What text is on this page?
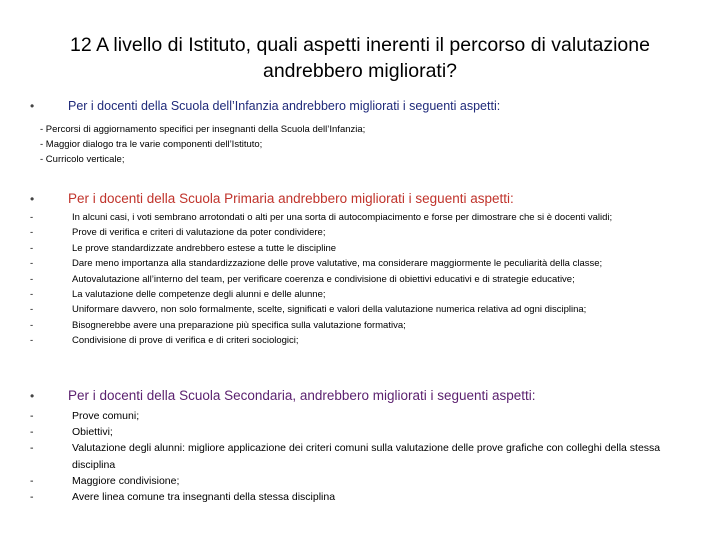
12 A livello di Istituto, quali aspetti inerenti il percorso di valutazione andrebbero migliorati?
•	Per i docenti della Scuola dell’Infanzia andrebbero migliorati i seguenti aspetti:
- Percorsi di aggiornamento specifici per insegnanti della Scuola dell’Infanzia;
- Maggior dialogo tra le varie componenti dell’Istituto;
- Curricolo verticale;
•	Per i docenti della Scuola Primaria andrebbero migliorati i seguenti aspetti:
-	In alcuni casi, i voti sembrano arrotondati o alti per una sorta di autocompiacimento e forse per dimostrare che si è docenti validi;
-	Prove di verifica e criteri di valutazione da poter condividere;
-	Le prove standardizzate andrebbero estese a tutte le discipline
-	Dare meno importanza alla standardizzazione delle prove valutative, ma considerare maggiormente le peculiarità della classe;
-	Autovalutazione all’interno del team, per verificare coerenza e condivisione di obiettivi educativi e di strategie educative;
-	La valutazione delle competenze degli alunni e delle alunne;
-	Uniformare davvero, non solo formalmente, scelte, significati e valori della valutazione numerica relativa ad ogni disciplina;
-	Bisognerebbe avere una preparazione più specifica sulla valutazione formativa;
-	Condivisione di prove di verifica e di criteri sociologici;
•	Per i docenti della Scuola Secondaria, andrebbero migliorati i seguenti aspetti:
-	Prove comuni;
-	Obiettivi;
-	Valutazione degli alunni: migliore applicazione dei criteri comuni sulla valutazione delle prove grafiche con colleghi della stessa disciplina
-	Maggiore condivisione;
-	Avere linea comune tra insegnanti della stessa disciplina
